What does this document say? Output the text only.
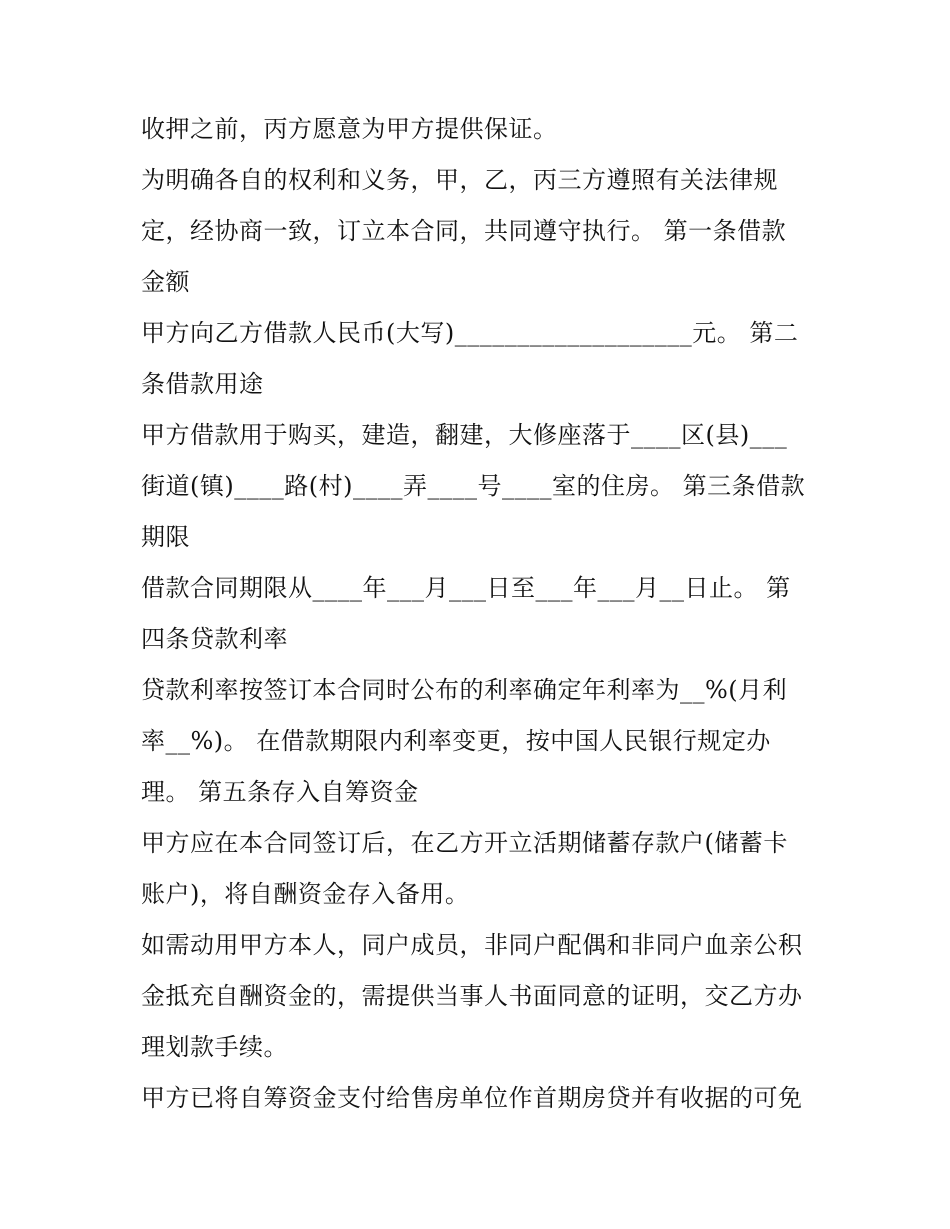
收押之前，丙方愿意为甲方提供保证。
为明确各自的权利和义务，甲，乙，丙三方遵照有关法律规
定，经协商一致，订立本合同，共同遵守执行。 第一条借款
金额
甲方向乙方借款人民币(大写)___________________元。 第二
条借款用途
甲方借款用于购买，建造，翻建，大修座落于____区(县)___
街道(镇)____路(村)____弄____号____室的住房。 第三条借款
期限
借款合同期限从____年___月___日至___年___月__日止。 第
四条贷款利率
贷款利率按签订本合同时公布的利率确定年利率为__%(月利
率__%)。 在借款期限内利率变更，按中国人民银行规定办
理。 第五条存入自筹资金
甲方应在本合同签订后，在乙方开立活期储蓄存款户(储蓄卡
账户)，将自酬资金存入备用。
如需动用甲方本人，同户成员，非同户配偶和非同户血亲公积
金抵充自酬资金的，需提供当事人书面同意的证明，交乙方办
理划款手续。
甲方已将自筹资金支付给售房单位作首期房贷并有收据的可免
